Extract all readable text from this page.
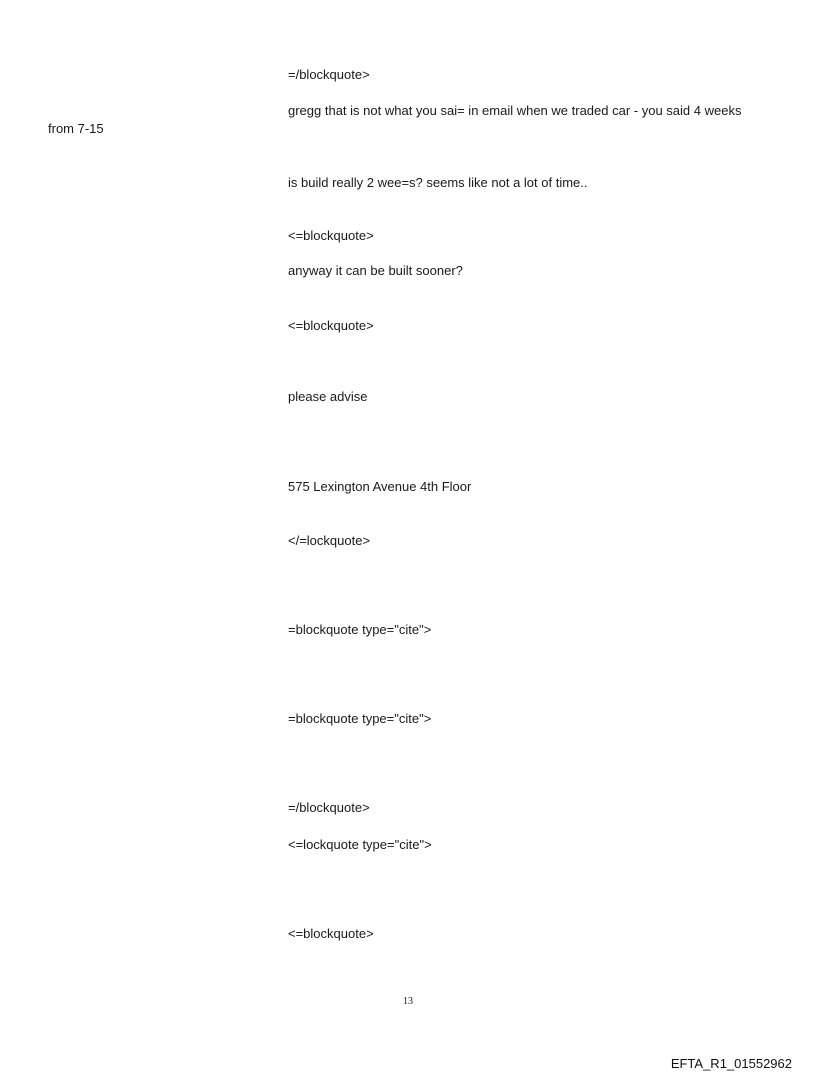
=/blockquote>
gregg that is not what you sai= in email when we traded car - you said 4 weeks
from 7-15
is build really 2 wee=s? seems like not a lot of time..
<=blockquote>
anyway it can be built sooner?
<=blockquote>
please advise
575 Lexington Avenue 4th Floor
</=lockquote>
=blockquote type="cite">
=blockquote type="cite">
=/blockquote>
<=lockquote type="cite">
<=blockquote>
13
EFTA_R1_01552962
